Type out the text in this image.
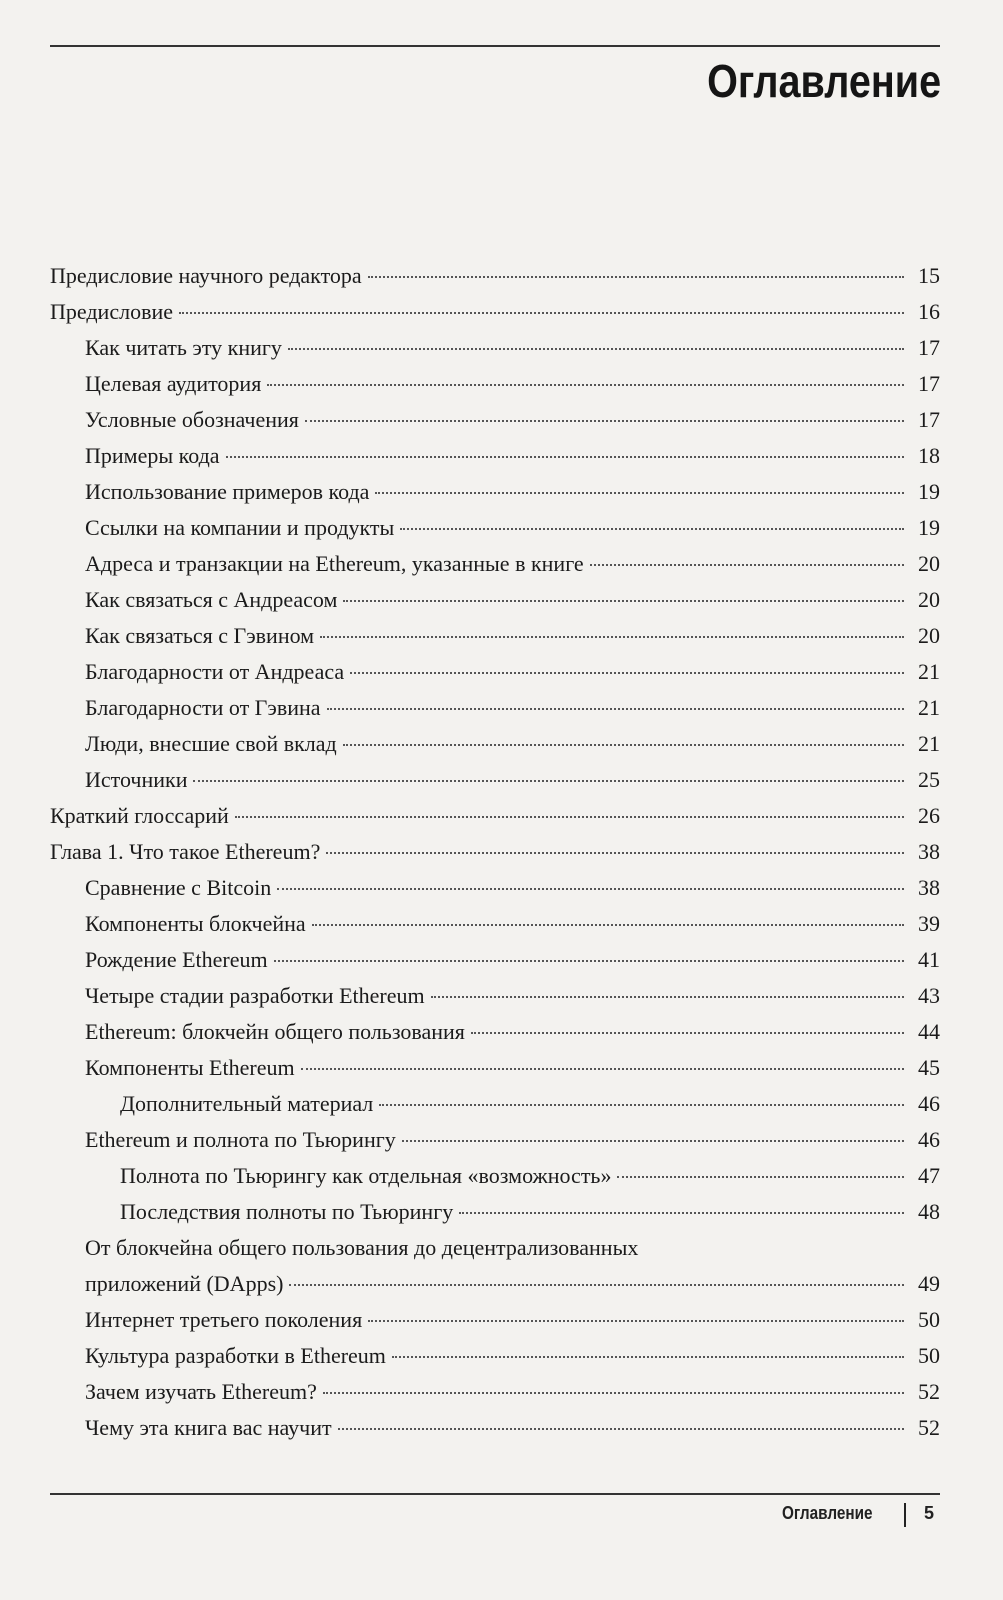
Оглавление
Предисловие научного редактора	15
Предисловие	16
Как читать эту книгу	17
Целевая аудитория	17
Условные обозначения	17
Примеры кода	18
Использование примеров кода	19
Ссылки на компании и продукты	19
Адреса и транзакции на Ethereum, указанные в книге	20
Как связаться с Андреасом	20
Как связаться с Гэвином	20
Благодарности от Андреаса	21
Благодарности от Гэвина	21
Люди, внесшие свой вклад	21
Источники	25
Краткий глоссарий	26
Глава 1. Что такое Ethereum?	38
Сравнение с Bitcoin	38
Компоненты блокчейна	39
Рождение Ethereum	41
Четыре стадии разработки Ethereum	43
Ethereum: блокчейн общего пользования	44
Компоненты Ethereum	45
Дополнительный материал	46
Ethereum и полнота по Тьюрингу	46
Полнота по Тьюрингу как отдельная «возможность»	47
Последствия полноты по Тьюрингу	48
От блокчейна общего пользования до децентрализованных
приложений (DApps)	49
Интернет третьего поколения	50
Культура разработки в Ethereum	50
Зачем изучать Ethereum?	52
Чему эта книга вас научит	52
Оглавление	5
